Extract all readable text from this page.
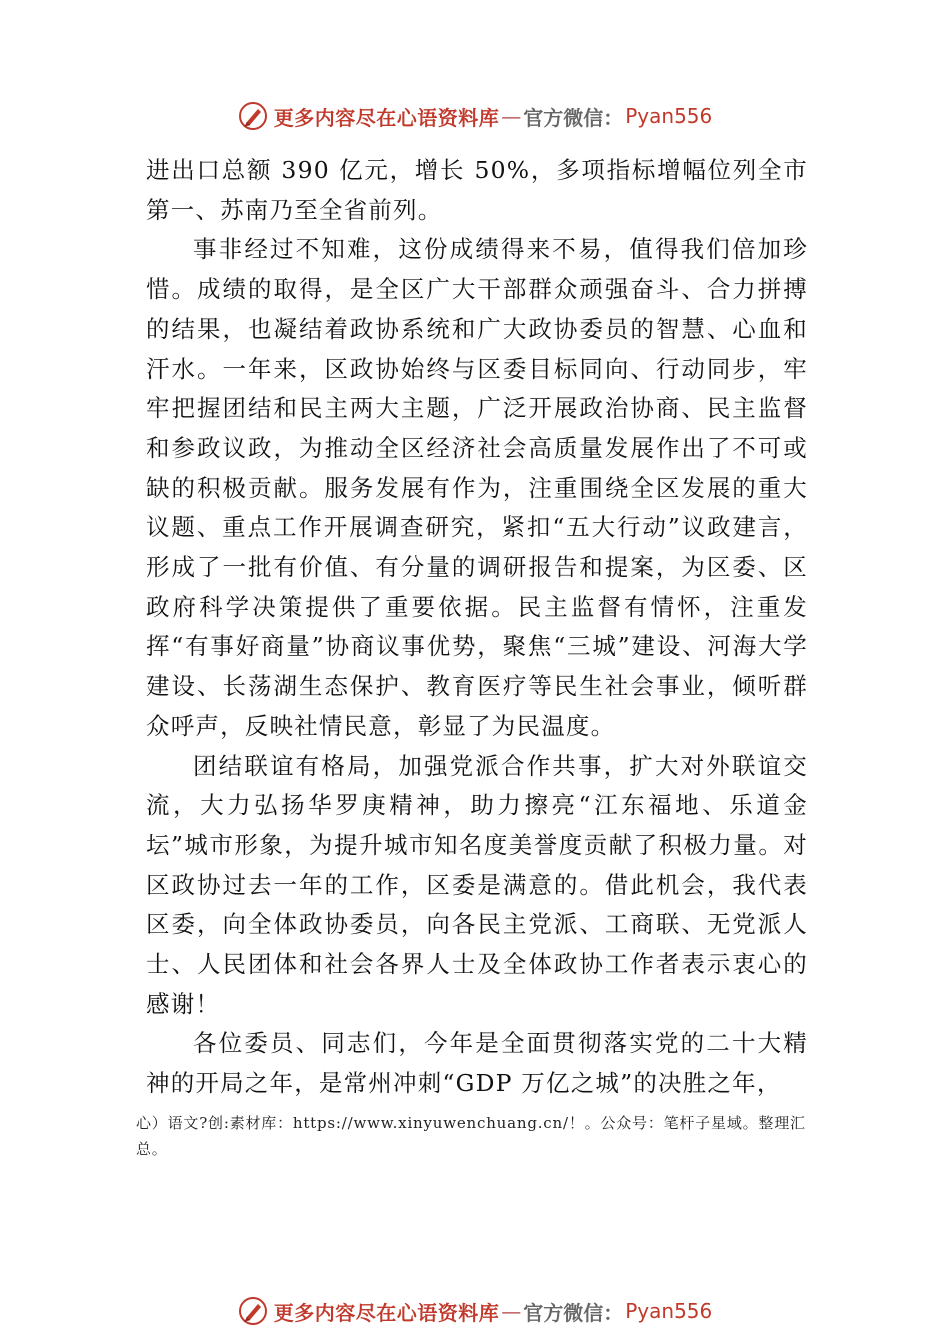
更多内容尽在心语资料库 — 官方微信： Pyan556

进出口总额 390 亿元，增长 50%，多项指标增幅位列全市第一、苏南乃至全省前列。

事非经过不知难，这份成绩得来不易，值得我们倍加珍惜。成绩的取得，是全区广大干部群众顽强奋斗、合力拼搏的结果，也凝结着政协系统和广大政协委员的智慧、心血和汗水。一年来，区政协始终与区委目标同向、行动同步，牢 牢把握团结和民主两大主题，广泛开展政治协商、民主监督和参政议政，为推动全区经济社会高质量发展作出了不可或缺的积极贡献。服务发展有作为，注重围绕全区发展的重大议题、重点工作开展调查研究，紧扣“五大行动”议政建言， 形成了一批有价值、有分量的调研报告和提案，为区委、区政府科学决策提供了重要依据。民主监督有情怀，注重发挥“有事好商量”协商议事优势，聚焦“三城”建设、河海大学建设、长荡湖生态保护、教育医疗等民生社会事业，倾听群众呼声，反映社情民意，彰显了为民温度。

团结联谊有格局，加强党派合作共事，扩大对外联谊交流，大力弘扬华罗庚精神，助力擦亮“江东福地、乐道金坛”城市形象，为提升城市知名度美誉度贡献了积极力量。对区政协过去一年的工作，区委是满意的。借此机会，我代表区委，向全体政协委员，向各民主党派、工商联、无党派人士、人民团体和社会各界人士及全体政协工作者表示衷心的感谢！

各位委员、同志们，今年是全面贯彻落实党的二十大精神的开局之年，是常州冲刺“GDP 万亿之城”的决胜之年，

心）语文?创:素材库：https://www.xinyuwenchuang.cn/！。公众号：笔杆子星域。整理汇总。
更多内容尽在心语资料库 — 官方微信： Pyan556
